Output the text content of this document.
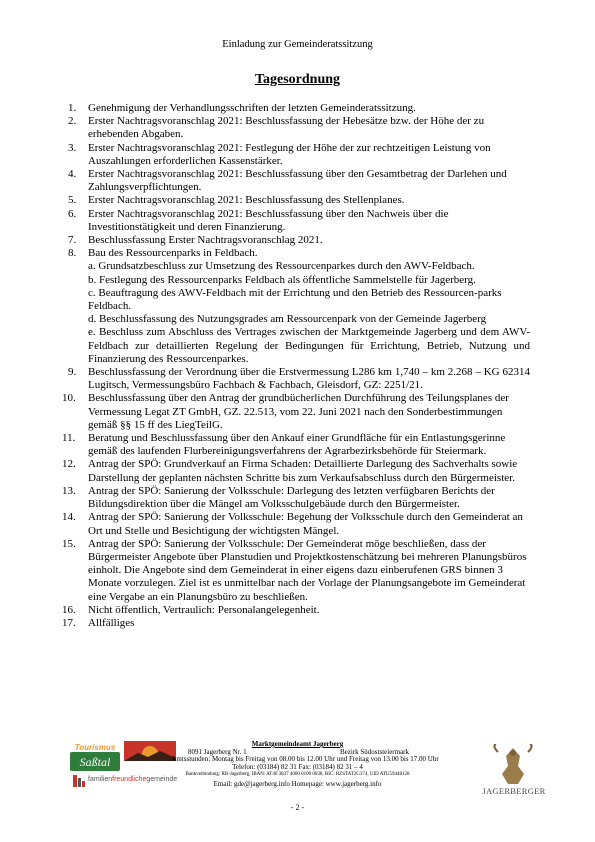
Einladung zur Gemeinderatssitzung
Tagesordnung
1. Genehmigung der Verhandlungsschriften der letzten Gemeinderatssitzung.
2. Erster Nachtragsvoranschlag 2021: Beschlussfassung der Hebesätze bzw. der Höhe der zu erhebenden Abgaben.
3. Erster Nachtragsvoranschlag 2021: Festlegung der Höhe der zur rechtzeitigen Leistung von Auszahlungen erforderlichen Kassenstärker.
4. Erster Nachtragsvoranschlag 2021: Beschlussfassung über den Gesamtbetrag der Darlehen und Zahlungsverpflichtungen.
5. Erster Nachtragsvoranschlag 2021: Beschlussfassung des Stellenplanes.
6. Erster Nachtragsvoranschlag 2021: Beschlussfassung über den Nachweis über die Investitionstätigkeit und deren Finanzierung.
7. Beschlussfassung Erster Nachtragsvoranschlag 2021.
8. Bau des Ressourcenparks in Feldbach.
a. Grundsatzbeschluss zur Umsetzung des Ressourcenparkes durch den AWV-Feldbach.
b. Festlegung des Ressourcenparks Feldbach als öffentliche Sammelstelle für Jagerberg.
c. Beauftragung des AWV-Feldbach mit der Errichtung und den Betrieb des Ressourcen-parks Feldbach.
d. Beschlussfassung des Nutzungsgrades am Ressourcenpark von der Gemeinde Jagerberg
e. Beschluss zum Abschluss des Vertrages zwischen der Marktgemeinde Jagerberg und dem AWV-Feldbach zur detaillierten Regelung der Bedingungen für Errichtung, Betrieb, Nutzung und Finanzierung des Ressourcenparkes.
9. Beschlussfassung der Verordnung über die Erstvermessung L286 km 1,740 – km 2.268 – KG 62314 Lugitsch, Vermessungsbüro Fachbach & Fachbach, Gleisdorf, GZ: 2251/21.
10. Beschlussfassung über den Antrag der grundbücherlichen Durchführung des Teilungsplanes der Vermessung Legat ZT GmbH, GZ. 22.513, vom 22. Juni 2021 nach den Sonderbestimmungen gemäß §§ 15 ff des LiegTeilG.
11. Beratung und Beschlussfassung über den Ankauf einer Grundfläche für ein Entlastungsgerinne gemäß des laufenden Flurbereinigungsverfahrens der Agrarbezirksbehörde für Steiermark.
12. Antrag der SPÖ: Grundverkauf an Firma Schaden: Detaillierte Darlegung des Sachverhalts sowie Darstellung der geplanten nächsten Schritte bis zum Verkaufsabschluss durch den Bürgermeister.
13. Antrag der SPÖ: Sanierung der Volksschule: Darlegung des letzten verfügbaren Berichts der Bildungsdirektion über die Mängel am Volksschulgebäude durch den Bürgermeister.
14. Antrag der SPÖ: Sanierung der Volksschule: Begehung der Volksschule durch den Gemeinderat an Ort und Stelle und Besichtigung der wichtigsten Mängel.
15. Antrag der SPÖ: Sanierung der Volksschule: Der Gemeinderat möge beschließen, dass der Bürgermeister Angebote über Planstudien und Projektkostenschätzung bei mehreren Planungsbüros einholt. Die Angebote sind dem Gemeinderat in einer eigens dazu einberufenen GRS binnen 3 Monate vorzulegen. Ziel ist es unmittelbar nach der Vorlage der Planungsangebote im Gemeinderat eine Vergabe an ein Planungsbüro zu beschließen.
16. Nicht öffentlich, Vertraulich: Personalangelegenheit.
17. Allfälliges
Tourismus
Saßtal
familienfreundlichegemeinde
JAGERBERGER
Marktgemeindeamt Jagerberg
8091 Jagerberg Nr. 1	Bezirk Südoststeiermark
Amtsstunden: Montag bis Freitag von 08.00 bis 12.00 Uhr und Freitag von 13.00 bis 17.00 Uhr
Telefon: (03184) 82 31 Fax: (03184) 82 31 – 4
Bankverbindung: RB-Jagerberg, IBAN: AT40 3837 4000 0100 0038, BIC: RZSTAT2G374, UID ATU59448128
Email: gde@jagerberg.info Homepage: www.jagerberg.info
- 2 -
